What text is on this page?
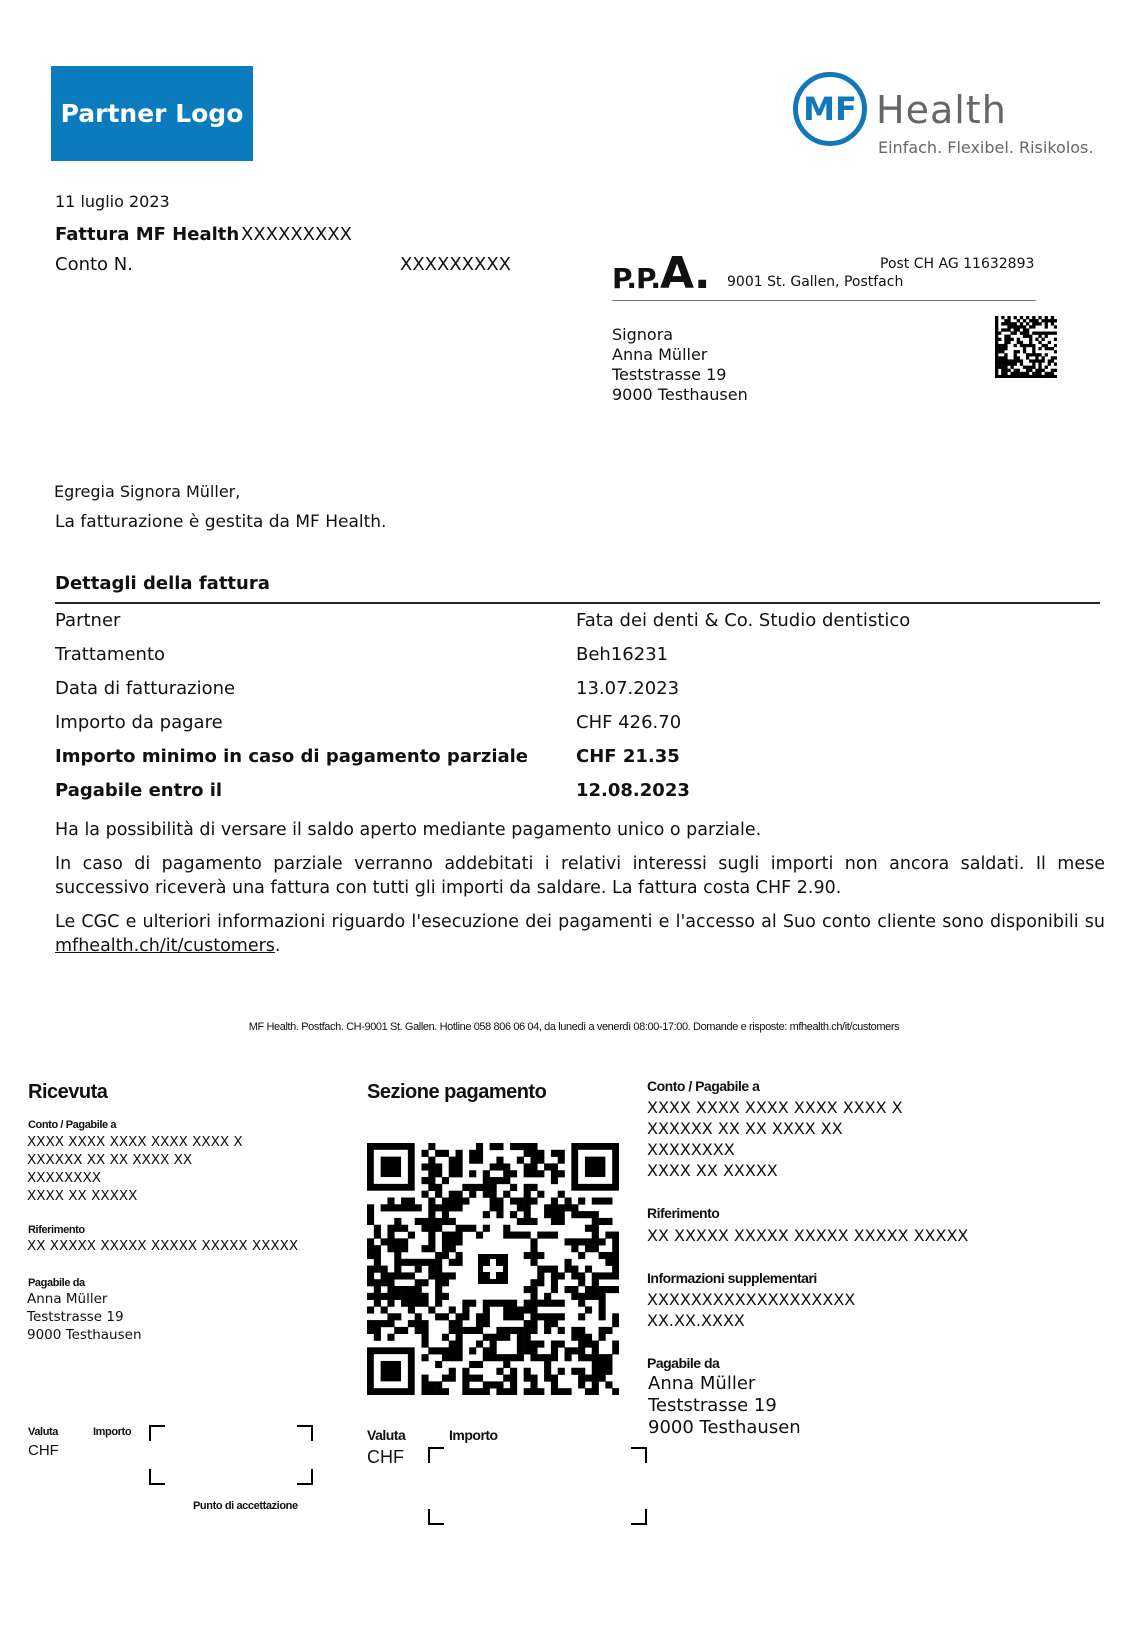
Partner Logo	MF Health
Einfach. Flexibel. Risikolos.
11 luglio 2023
Fattura MF Health XXXXXXXXX
Conto N.	XXXXXXXXX	P.P.A.	Post CH AG 11632893
9001 St. Gallen, Postfach
Signora
Anna Müller
Teststrasse 19
9000 Testhausen
Egregia Signora Müller,
La fatturazione è gestita da MF Health.
Dettagli della fattura
Partner	Fata dei denti & Co. Studio dentistico
Trattamento	Beh16231
Data di fatturazione	13.07.2023
Importo da pagare	CHF 426.70
Importo minimo in caso di pagamento parziale	CHF 21.35
Pagabile entro il	12.08.2023
Ha la possibilità di versare il saldo aperto mediante pagamento unico o parziale.
In caso di pagamento parziale verranno addebitati i relativi interessi sugli importi non ancora saldati. Il mese successivo riceverà una fattura con tutti gli importi da saldare. La fattura costa CHF 2.90.
Le CGC e ulteriori informazioni riguardo l'esecuzione dei pagamenti e l'accesso al Suo conto cliente sono disponibili su mfhealth.ch/it/customers.
MF Health. Postfach. CH-9001 St. Gallen. Hotline 058 806 06 04, da lunedì a venerdì 08:00-17:00. Domande e risposte: mfhealth.ch/it/customers
Ricevuta
Conto / Pagabile a
XXXX XXXX XXXX XXXX XXXX X
XXXXXX XX XX XXXX XX
XXXXXXXX
XXXX XX XXXXX
Riferimento
XX XXXXX XXXXX XXXXX XXXXX XXXXX
Pagabile da
Anna Müller
Teststrasse 19
9000 Testhausen
Valuta	Importo
CHF
Punto di accettazione
Sezione pagamento
Valuta	Importo
CHF
Conto / Pagabile a
XXXX XXXX XXXX XXXX XXXX X
XXXXXX XX XX XXXX XX
XXXXXXXX
XXXX XX XXXXX
Riferimento
XX XXXXX XXXXX XXXXX XXXXX XXXXX
Informazioni supplementari
XXXXXXXXXXXXXXXXXXX
XX.XX.XXXX
Pagabile da
Anna Müller
Teststrasse 19
9000 Testhausen
